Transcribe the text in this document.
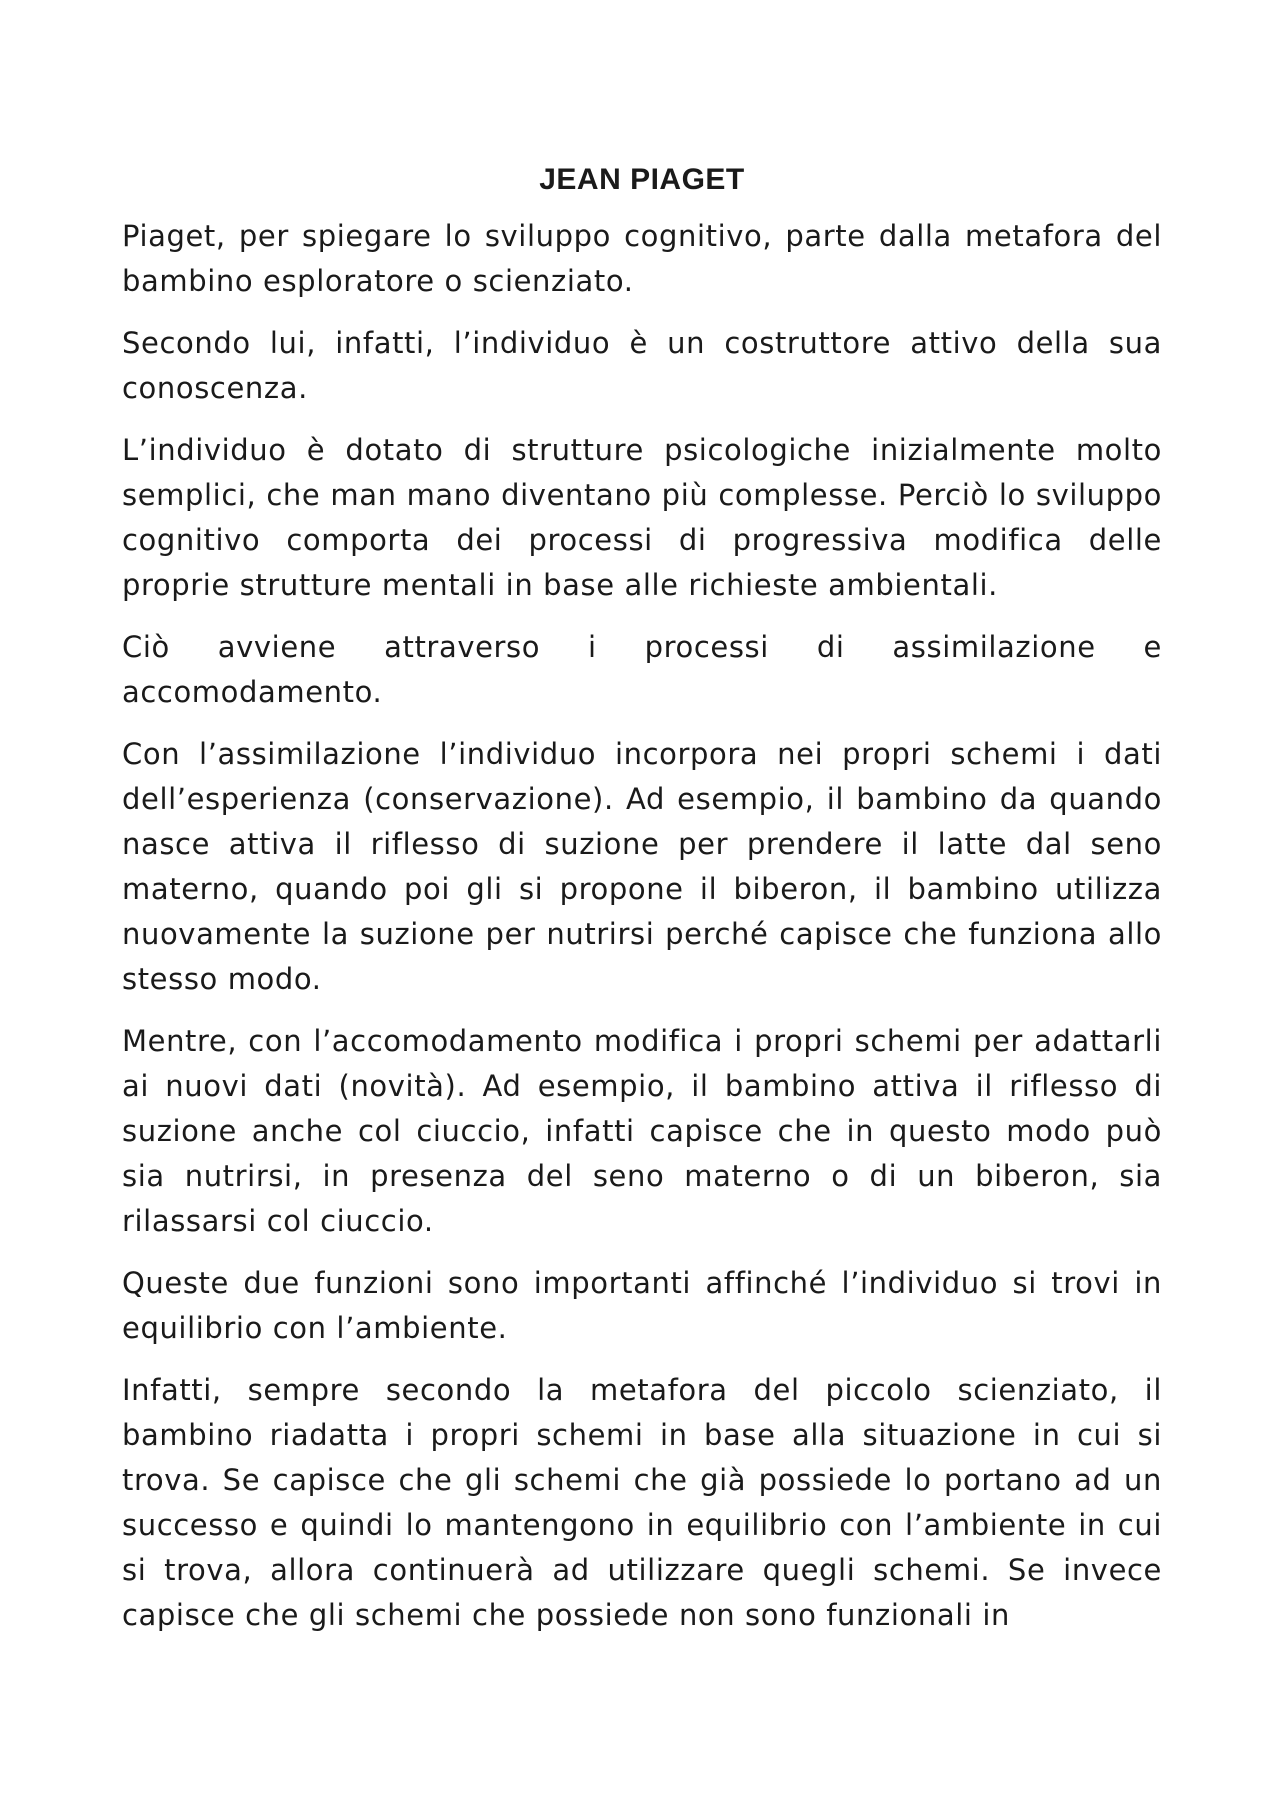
JEAN PIAGET

Piaget, per spiegare lo sviluppo cognitivo, parte dalla metafora del bambino esploratore o scienziato.

Secondo lui, infatti, l’individuo è un costruttore attivo della sua conoscenza.

L’individuo è dotato di strutture psicologiche inizialmente molto semplici, che man mano diventano più complesse. Perciò lo sviluppo cognitivo comporta dei processi di progressiva modifica delle proprie strutture mentali in base alle richieste ambientali.

Ciò avviene attraverso i processi di assimilazione e accomodamento.

Con l’assimilazione l’individuo incorpora nei propri schemi i dati dell’esperienza (conservazione). Ad esempio, il bambino da quando nasce attiva il riflesso di suzione per prendere il latte dal seno materno, quando poi gli si propone il biberon, il bambino utilizza nuovamente la suzione per nutrirsi perché capisce che funziona allo stesso modo.

Mentre, con l’accomodamento modifica i propri schemi per adattarli ai nuovi dati (novità). Ad esempio, il bambino attiva il riflesso di suzione anche col ciuccio, infatti capisce che in questo modo può sia nutrirsi, in presenza del seno materno o di un biberon, sia rilassarsi col ciuccio.

Queste due funzioni sono importanti affinché l’individuo si trovi in equilibrio con l’ambiente.

Infatti, sempre secondo la metafora del piccolo scienziato, il bambino riadatta i propri schemi in base alla situazione in cui si trova. Se capisce che gli schemi che già possiede lo portano ad un successo e quindi lo mantengono in equilibrio con l’ambiente in cui si trova, allora continuerà ad utilizzare quegli schemi. Se invece capisce che gli schemi che possiede non sono funzionali in
